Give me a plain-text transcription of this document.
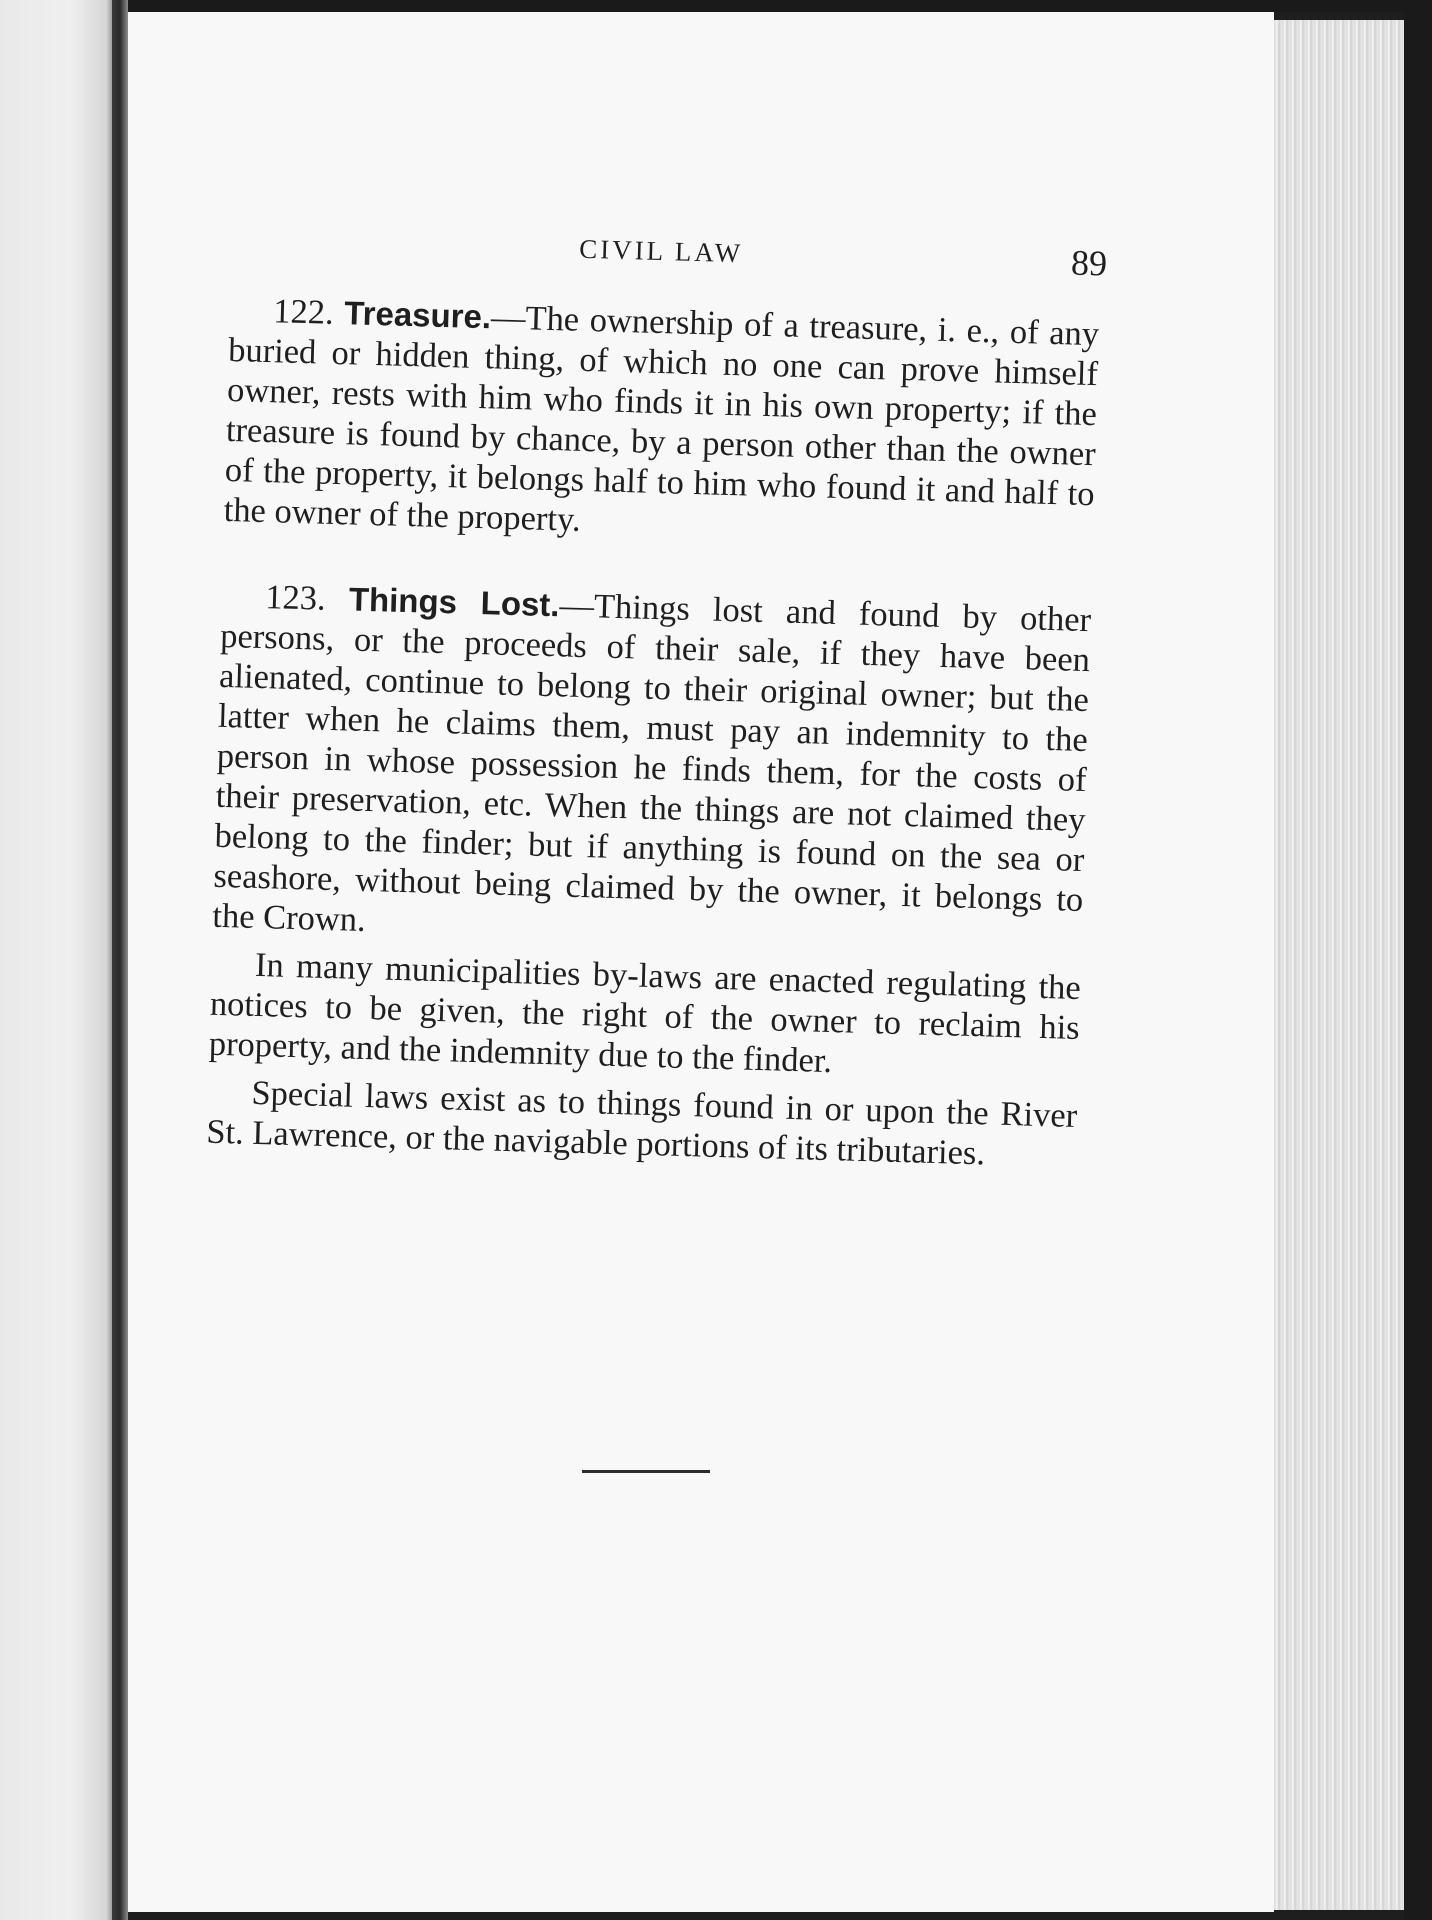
CIVIL LAW	89

122. Treasure.—The ownership of a treasure, i. e., of any buried or hidden thing, of which no one can prove himself owner, rests with him who finds it in his own property; if the treasure is found by chance, by a person other than the owner of the property, it belongs half to him who found it and half to the owner of the property.

123. Things Lost.—Things lost and found by other persons, or the proceeds of their sale, if they have been alienated, continue to belong to their original owner; but the latter when he claims them, must pay an indemnity to the person in whose possession he finds them, for the costs of their preservation, etc. When the things are not claimed they belong to the finder; but if anything is found on the sea or seashore, without being claimed by the owner, it belongs to the Crown.

In many municipalities by-laws are enacted regulating the notices to be given, the right of the owner to reclaim his property, and the indemnity due to the finder.

Special laws exist as to things found in or upon the River St. Lawrence, or the navigable portions of its tributaries.
